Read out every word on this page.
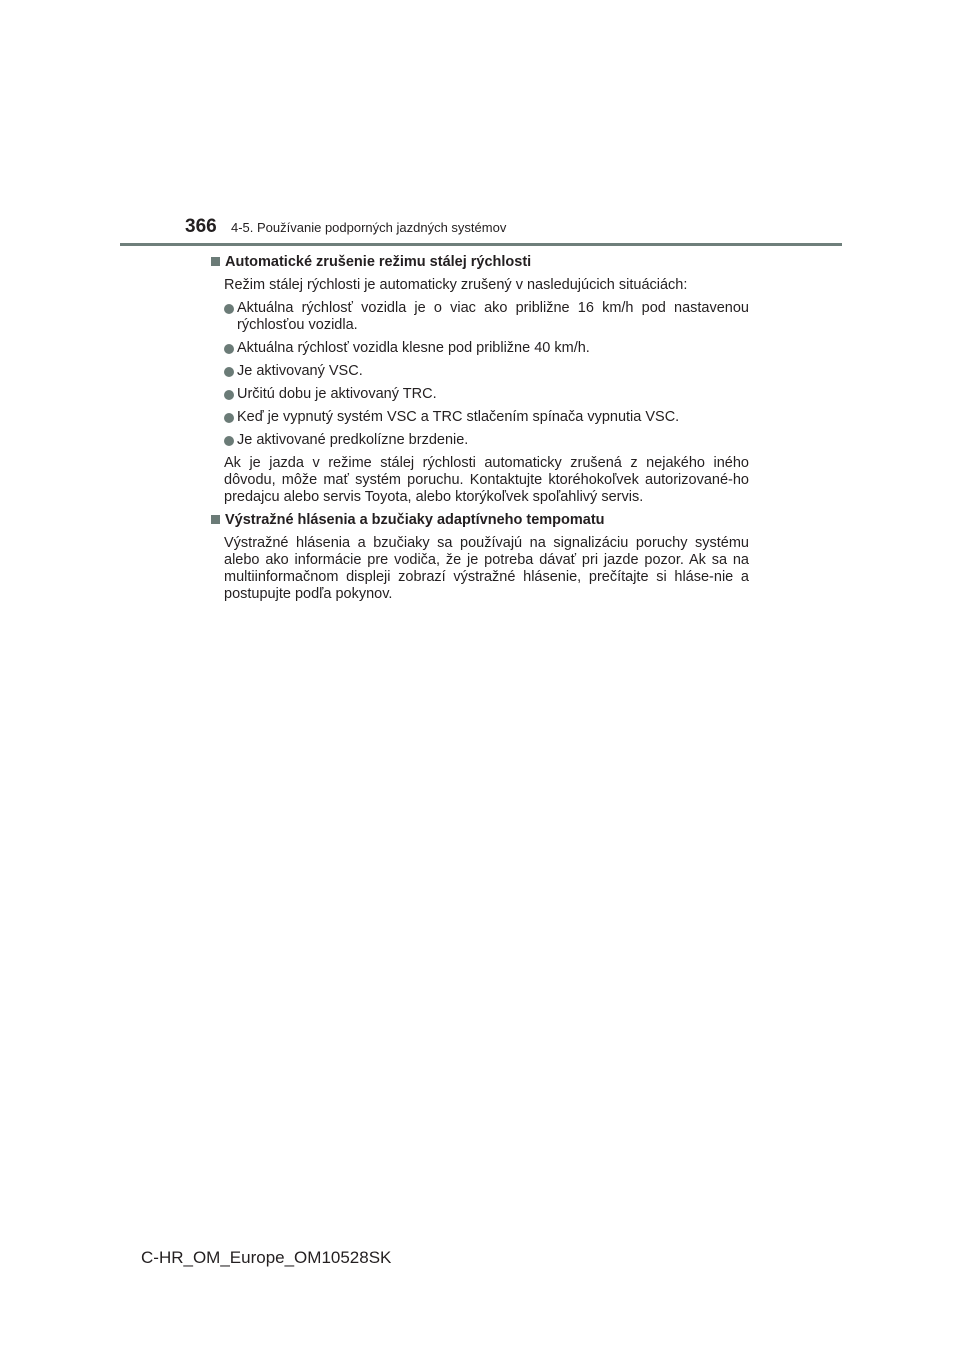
366	4-5. Používanie podporných jazdných systémov
Automatické zrušenie režimu stálej rýchlosti
Režim stálej rýchlosti je automaticky zrušený v nasledujúcich situáciách:
Aktuálna rýchlosť vozidla je o viac ako približne 16 km/h pod nastavenou rýchlosťou vozidla.
Aktuálna rýchlosť vozidla klesne pod približne 40 km/h.
Je aktivovaný VSC.
Určitú dobu je aktivovaný TRC.
Keď je vypnutý systém VSC a TRC stlačením spínača vypnutia VSC.
Je aktivované predkolízne brzdenie.
Ak je jazda v režime stálej rýchlosti automaticky zrušená z nejakého iného dôvodu, môže mať systém poruchu. Kontaktujte ktoréhokoľvek autorizované-ho predajcu alebo servis Toyota, alebo ktorýkoľvek spoľahlivý servis.
Výstražné hlásenia a bzučiaky adaptívneho tempomatu
Výstražné hlásenia a bzučiaky sa používajú na signalizáciu poruchy systému alebo ako informácie pre vodiča, že je potreba dávať pri jazde pozor. Ak sa na multiinformačnom displeji zobrazí výstražné hlásenie, prečítajte si hláse-nie a postupujte podľa pokynov.
C-HR_OM_Europe_OM10528SK
